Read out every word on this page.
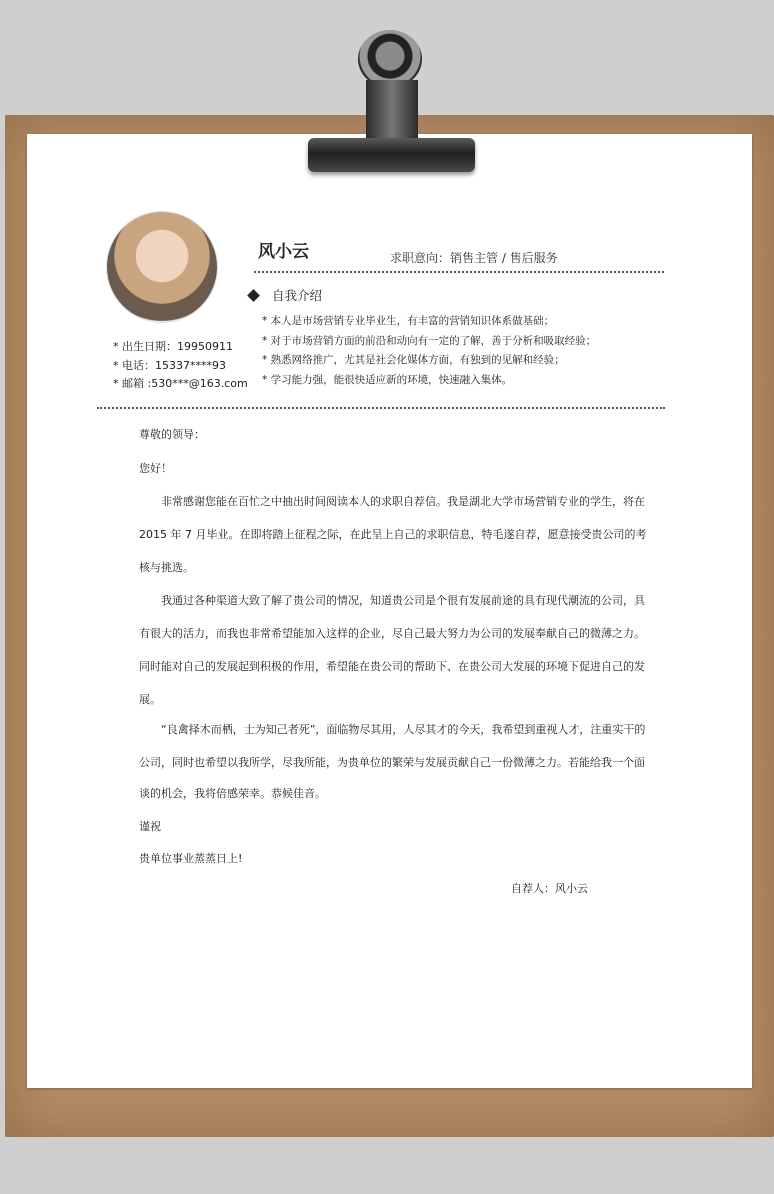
风小云	求职意向：销售主管 / 售后服务
自我介绍
* 本人是市场营销专业毕业生，有丰富的营销知识体系做基础；
* 对于市场营销方面的前沿和动向有一定的了解，善于分析和吸取经验；
* 熟悉网络推广，尤其是社会化媒体方面，有独到的见解和经验；
* 学习能力强，能很快适应新的环境，快速融入集体。
* 出生日期：19950911
* 电话：15337****93
* 邮箱 :530***@163.com
尊敬的领导：
您好！
非常感谢您能在百忙之中抽出时间阅读本人的求职自荐信。我是湖北大学市场营销专业的学生，将在
2015 年 7 月毕业。在即将踏上征程之际，在此呈上自己的求职信息，特毛遂自荐，愿意接受贵公司的考
核与挑选。
我通过各种渠道大致了解了贵公司的情况，知道贵公司是个很有发展前途的具有现代潮流的公司，具
有很大的活力，而我也非常希望能加入这样的企业，尽自己最大努力为公司的发展奉献自己的微薄之力。
同时能对自己的发展起到积极的作用，希望能在贵公司的帮助下、在贵公司大发展的环境下促进自己的发
展。
“良禽择木而栖，士为知己者死”，面临物尽其用，人尽其才的今天，我希望到重视人才，注重实干的
公司，同时也希望以我所学，尽我所能，为贵单位的繁荣与发展贡献自己一份微薄之力。若能给我一个面
谈的机会，我将倍感荣幸。恭候佳音。
谨祝
贵单位事业蒸蒸日上!
自荐人：风小云
